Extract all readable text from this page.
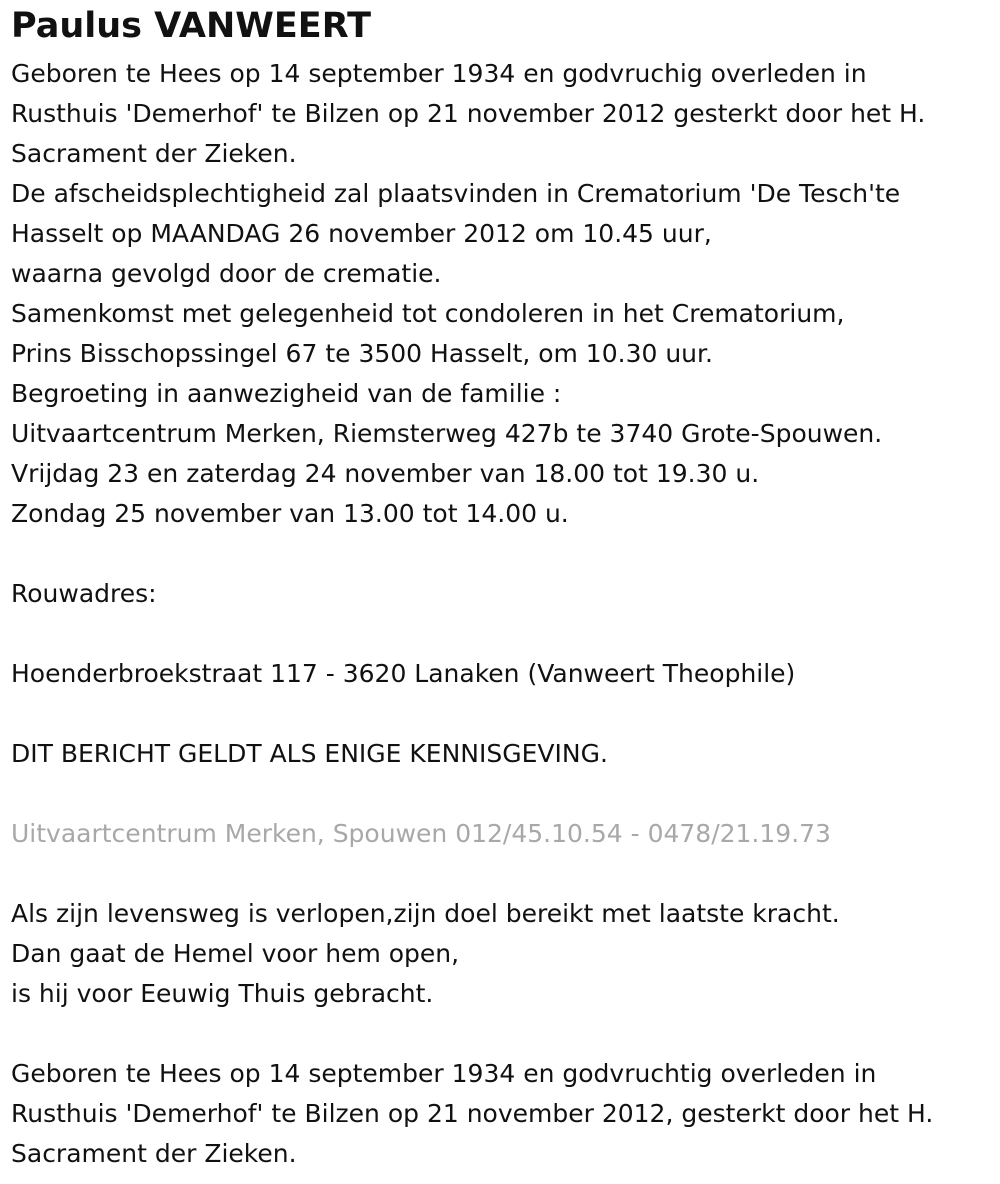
Paulus VANWEERT

Geboren te Hees op 14 september 1934 en godvruchig overleden in

Rusthuis 'Demerhof' te Bilzen op 21 november 2012 gesterkt door het H.

Sacrament der Zieken.

De afscheidsplechtigheid zal plaatsvinden in Crematorium 'De Tesch'te

Hasselt op MAANDAG 26 november 2012 om 10.45 uur,

waarna gevolgd door de crematie.

Samenkomst met gelegenheid tot condoleren in het Crematorium,

Prins Bisschopssingel 67 te 3500 Hasselt, om 10.30 uur.

Begroeting in aanwezigheid van de familie :

Uitvaartcentrum Merken, Riemsterweg 427b te 3740 Grote-Spouwen.

Vrijdag 23 en zaterdag 24 november van 18.00 tot 19.30 u.

Zondag 25 november van 13.00 tot 14.00 u.

Rouwadres:

Hoenderbroekstraat 117 - 3620 Lanaken (Vanweert Theophile)

DIT BERICHT GELDT ALS ENIGE KENNISGEVING.

Uitvaartcentrum Merken, Spouwen 012/45.10.54 - 0478/21.19.73

Als zijn levensweg is verlopen,zijn doel bereikt met laatste kracht.

Dan gaat de Hemel voor hem open,

is hij voor Eeuwig Thuis gebracht.

Geboren te Hees op 14 september 1934 en godvruchtig overleden in

Rusthuis 'Demerhof' te Bilzen op 21 november 2012, gesterkt door het H.

Sacrament der Zieken.
